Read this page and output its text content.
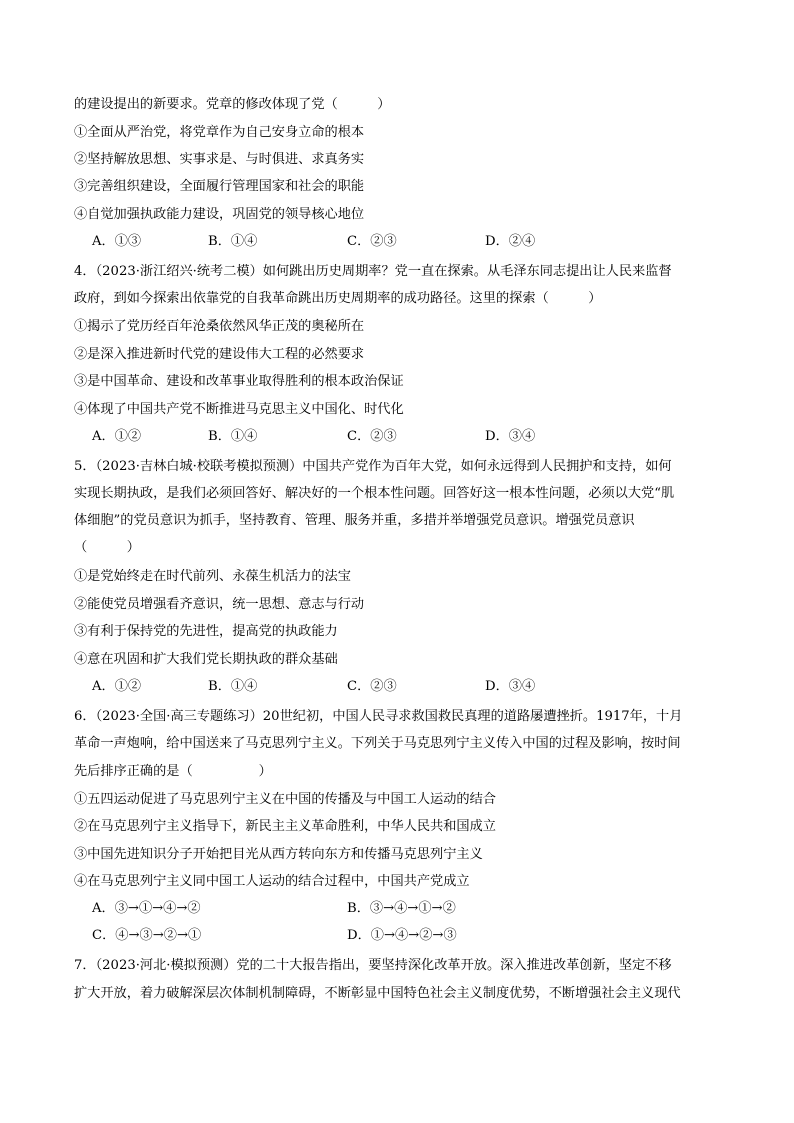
的建设提出的新要求。党章的修改体现了党（　　　）
①全面从严治党，将党章作为自己安身立命的根本
②坚持解放思想、实事求是、与时俱进、求真务实
③完善组织建设，全面履行管理国家和社会的职能
④自觉加强执政能力建设，巩固党的领导核心地位
A．①③	B．①④	C．②③	D．②④
4．（2023·浙江绍兴·统考二模）如何跳出历史周期率？党一直在探索。从毛泽东同志提出让人民来监督
政府，到如今探索出依靠党的自我革命跳出历史周期率的成功路径。这里的探索（　　　）
①揭示了党历经百年沧桑依然风华正茂的奥秘所在
②是深入推进新时代党的建设伟大工程的必然要求
③是中国革命、建设和改革事业取得胜利的根本政治保证
④体现了中国共产党不断推进马克思主义中国化、时代化
A．①②	B．①④	C．②③	D．③④
5．（2023·吉林白城·校联考模拟预测）中国共产党作为百年大党，如何永远得到人民拥护和支持，如何
实现长期执政，是我们必须回答好、解决好的一个根本性问题。回答好这一根本性问题，必须以大党“肌
体细胞”的党员意识为抓手，坚持教育、管理、服务并重，多措并举增强党员意识。增强党员意识
（　　　）
①是党始终走在时代前列、永葆生机活力的法宝
②能使党员增强看齐意识，统一思想、意志与行动
③有利于保持党的先进性，提高党的执政能力
④意在巩固和扩大我们党长期执政的群众基础
A．①②	B．①④	C．②③	D．③④
6．（2023·全国·高三专题练习）20世纪初，中国人民寻求救国救民真理的道路屡遭挫折。1917年，十月
革命一声炮响，给中国送来了马克思列宁主义。下列关于马克思列宁主义传入中国的过程及影响，按时间
先后排序正确的是（　　　　　）
①五四运动促进了马克思列宁主义在中国的传播及与中国工人运动的结合
②在马克思列宁主义指导下，新民主主义革命胜利，中华人民共和国成立
③中国先进知识分子开始把目光从西方转向东方和传播马克思列宁主义
④在马克思列宁主义同中国工人运动的结合过程中，中国共产党成立
A．③→①→④→②	B．③→④→①→②
C．④→③→②→①	D．①→④→②→③
7．（2023·河北·模拟预测）党的二十大报告指出，要坚持深化改革开放。深入推进改革创新，坚定不移
扩大开放，着力破解深层次体制机制障碍，不断彰显中国特色社会主义制度优势，不断增强社会主义现代
